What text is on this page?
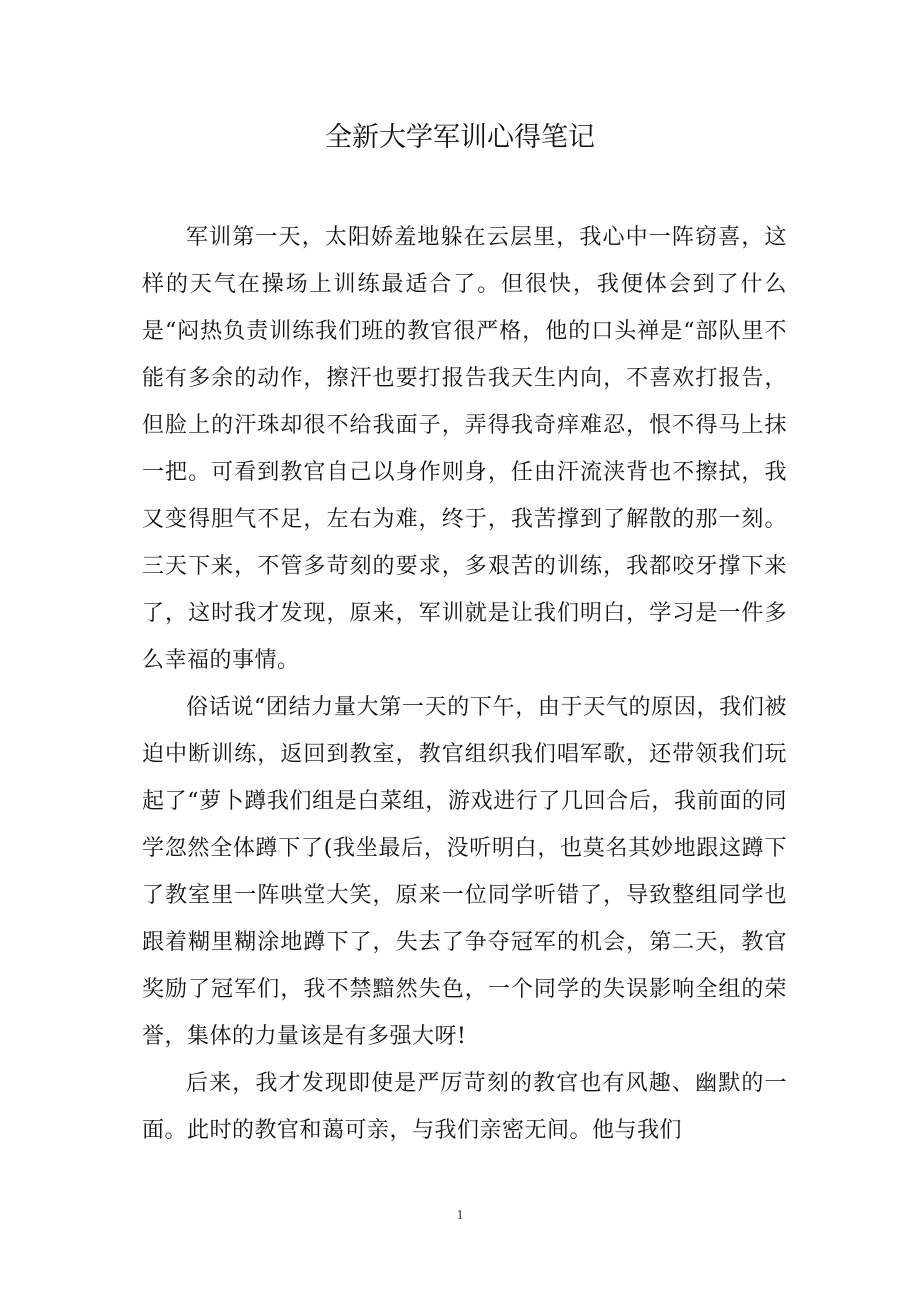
全新大学军训心得笔记

军训第一天，太阳娇羞地躲在云层里，我心中一阵窃喜，这样的天气在操场上训练最适合了。但很快，我便体会到了什么是“闷热负责训练我们班的教官很严格，他的口头禅是“部队里不能有多余的动作，擦汗也要打报告我天生内向，不喜欢打报告，但脸上的汗珠却很不给我面子，弄得我奇痒难忍，恨不得马上抹一把。可看到教官自己以身作则身，任由汗流浃背也不擦拭，我又变得胆气不足，左右为难，终于，我苦撑到了解散的那一刻。三天下来，不管多苛刻的要求，多艰苦的训练，我都咬牙撑下来了，这时我才发现，原来，军训就是让我们明白，学习是一件多么幸福的事情。

俗话说“团结力量大第一天的下午，由于天气的原因，我们被迫中断训练，返回到教室，教官组织我们唱军歌，还带领我们玩起了“萝卜蹲我们组是白菜组，游戏进行了几回合后，我前面的同学忽然全体蹲下了(我坐最后，没听明白，也莫名其妙地跟这蹲下了教室里一阵哄堂大笑，原来一位同学听错了，导致整组同学也跟着糊里糊涂地蹲下了，失去了争夺冠军的机会，第二天，教官奖励了冠军们，我不禁黯然失色，一个同学的失误影响全组的荣誉，集体的力量该是有多强大呀!

后来，我才发现即使是严厉苛刻的教官也有风趣、幽默的一面。此时的教官和蔼可亲，与我们亲密无间。他与我们

1
